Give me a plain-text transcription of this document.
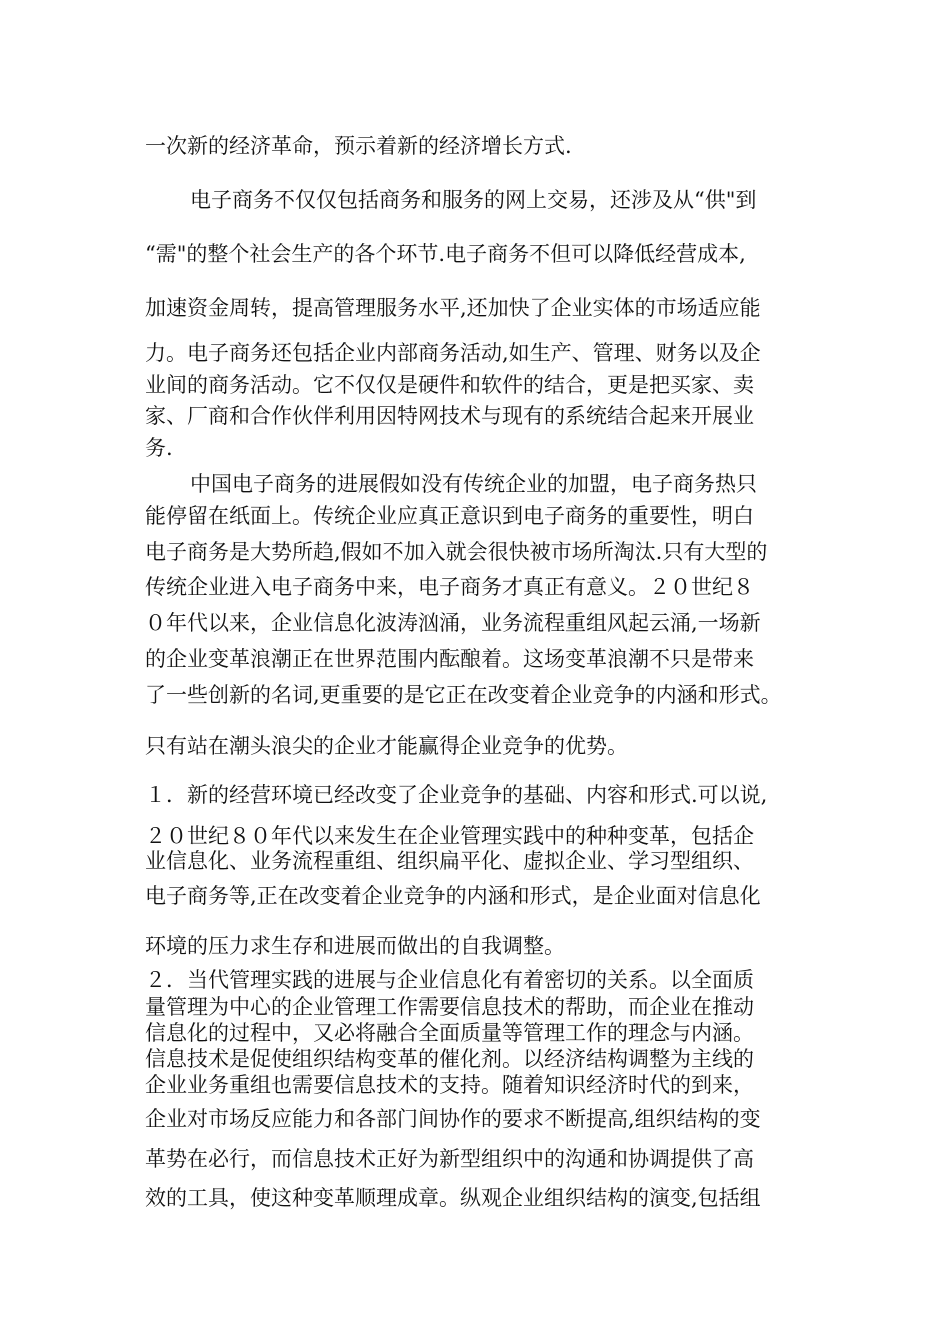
一次新的经济革命，预示着新的经济增长方式.
电子商务不仅仅包括商务和服务的网上交易，还涉及从“供"到
“需"的整个社会生产的各个环节.电子商务不但可以降低经营成本,
加速资金周转，提高管理服务水平,还加快了企业实体的市场适应能
力。电子商务还包括企业内部商务活动,如生产、管理、财务以及企
业间的商务活动。它不仅仅是硬件和软件的结合，更是把买家、卖
家、厂商和合作伙伴利用因特网技术与现有的系统结合起来开展业
务.
中国电子商务的进展假如没有传统企业的加盟，电子商务热只
能停留在纸面上。传统企业应真正意识到电子商务的重要性，明白
电子商务是大势所趋,假如不加入就会很快被市场所淘汰.只有大型的
传统企业进入电子商务中来，电子商务才真正有意义。２０世纪８
０年代以来，企业信息化波涛汹涌，业务流程重组风起云涌,一场新
的企业变革浪潮正在世界范围内酝酿着。这场变革浪潮不只是带来
了一些创新的名词,更重要的是它正在改变着企业竞争的内涵和形式。
只有站在潮头浪尖的企业才能赢得企业竞争的优势。
１．新的经营环境已经改变了企业竞争的基础、内容和形式.可以说,
２０世纪８０年代以来发生在企业管理实践中的种种变革，包括企
业信息化、业务流程重组、组织扁平化、虚拟企业、学习型组织、
电子商务等,正在改变着企业竞争的内涵和形式，是企业面对信息化
环境的压力求生存和进展而做出的自我调整。
２．当代管理实践的进展与企业信息化有着密切的关系。以全面质
量管理为中心的企业管理工作需要信息技术的帮助，而企业在推动
信息化的过程中，又必将融合全面质量等管理工作的理念与内涵。
信息技术是促使组织结构变革的催化剂。以经济结构调整为主线的
企业业务重组也需要信息技术的支持。随着知识经济时代的到来，
企业对市场反应能力和各部门间协作的要求不断提高,组织结构的变
革势在必行，而信息技术正好为新型组织中的沟通和协调提供了高
效的工具，使这种变革顺理成章。纵观企业组织结构的演变,包括组
